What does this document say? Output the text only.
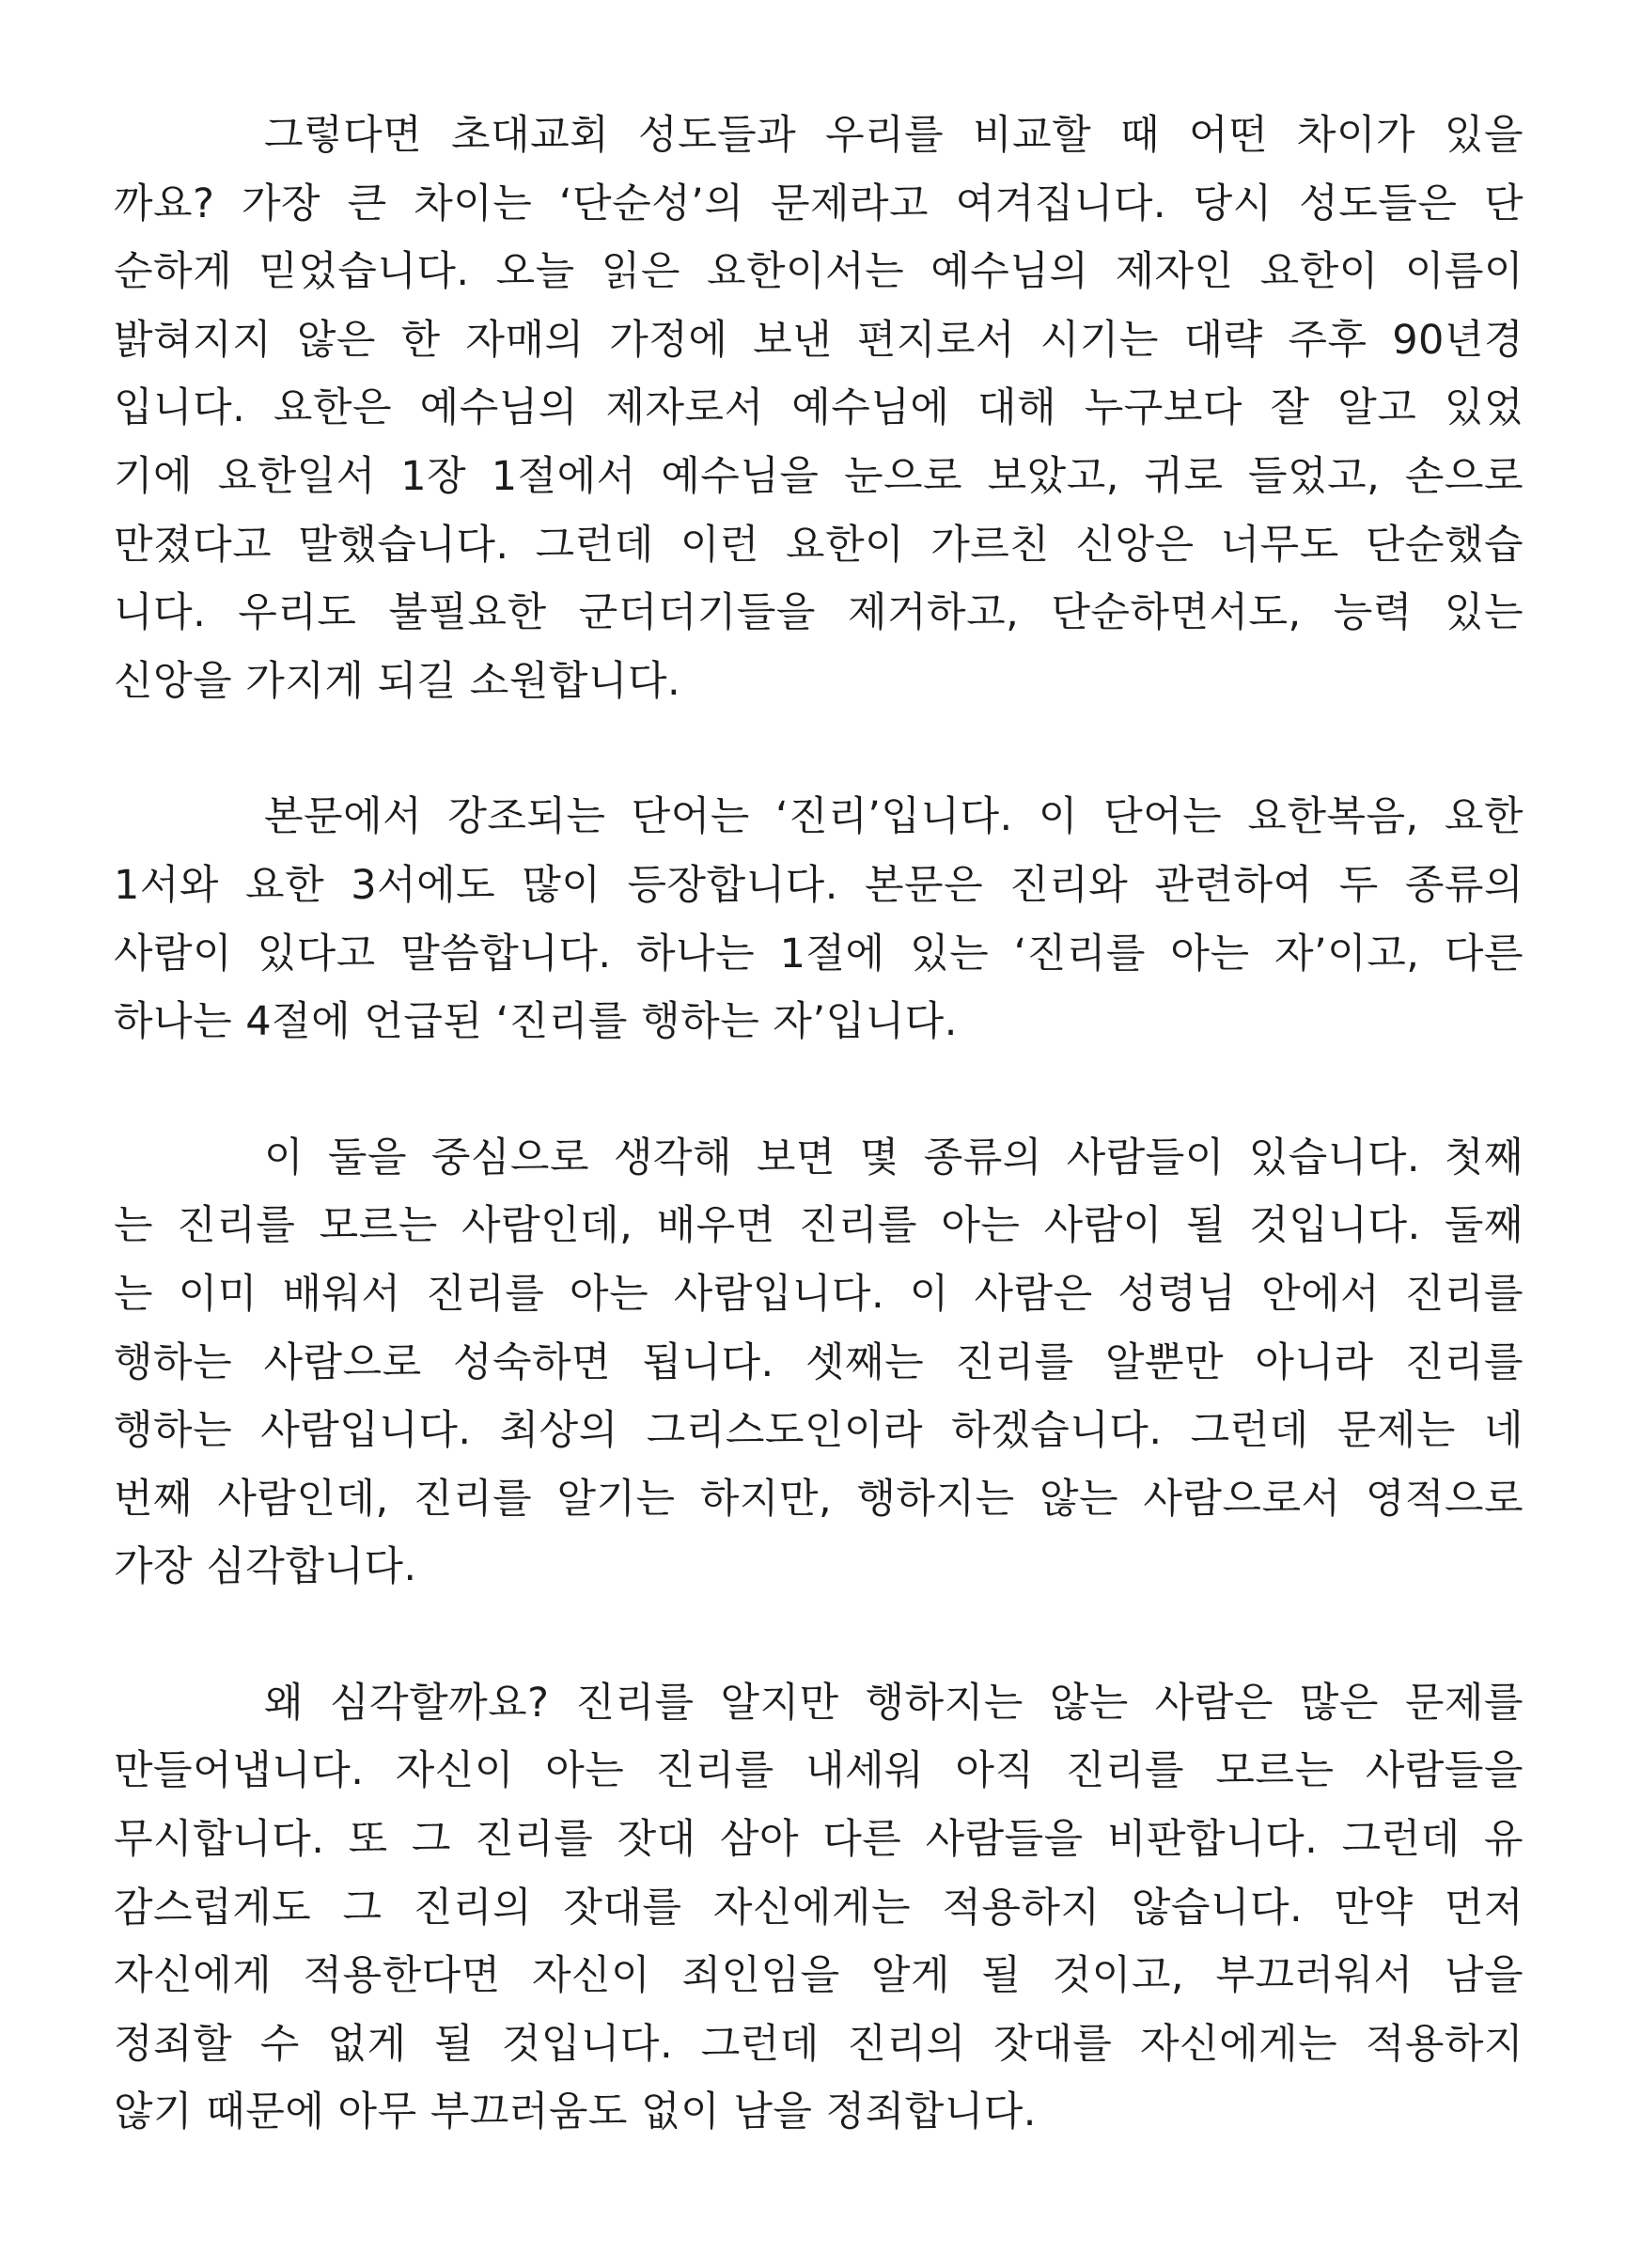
그렇다면 초대교회 성도들과 우리를 비교할 때 어떤 차이가 있을
까요? 가장 큰 차이는 ‘단순성’의 문제라고 여겨집니다. 당시 성도들은 단
순하게 믿었습니다. 오늘 읽은 요한이서는 예수님의 제자인 요한이 이름이
밝혀지지 않은 한 자매의 가정에 보낸 편지로서 시기는 대략 주후 90년경
입니다. 요한은 예수님의 제자로서 예수님에 대해 누구보다 잘 알고 있었
기에 요한일서 1장 1절에서 예수님을 눈으로 보았고, 귀로 들었고, 손으로
만졌다고 말했습니다. 그런데 이런 요한이 가르친 신앙은 너무도 단순했습
니다. 우리도 불필요한 군더더기들을 제거하고, 단순하면서도, 능력 있는
신앙을 가지게 되길 소원합니다.
본문에서 강조되는 단어는 ‘진리’입니다. 이 단어는 요한복음, 요한
1서와 요한 3서에도 많이 등장합니다. 본문은 진리와 관련하여 두 종류의
사람이 있다고 말씀합니다. 하나는 1절에 있는 ‘진리를 아는 자’이고, 다른
하나는 4절에 언급된 ‘진리를 행하는 자’입니다.
이 둘을 중심으로 생각해 보면 몇 종류의 사람들이 있습니다. 첫째
는 진리를 모르는 사람인데, 배우면 진리를 아는 사람이 될 것입니다. 둘째
는 이미 배워서 진리를 아는 사람입니다. 이 사람은 성령님 안에서 진리를
행하는 사람으로 성숙하면 됩니다. 셋째는 진리를 알뿐만 아니라 진리를
행하는 사람입니다. 최상의 그리스도인이라 하겠습니다. 그런데 문제는 네
번째 사람인데, 진리를 알기는 하지만, 행하지는 않는 사람으로서 영적으로
가장 심각합니다.
왜 심각할까요? 진리를 알지만 행하지는 않는 사람은 많은 문제를
만들어냅니다. 자신이 아는 진리를 내세워 아직 진리를 모르는 사람들을
무시합니다. 또 그 진리를 잣대 삼아 다른 사람들을 비판합니다. 그런데 유
감스럽게도 그 진리의 잣대를 자신에게는 적용하지 않습니다. 만약 먼저
자신에게 적용한다면 자신이 죄인임을 알게 될 것이고, 부끄러워서 남을
정죄할 수 없게 될 것입니다. 그런데 진리의 잣대를 자신에게는 적용하지
않기 때문에 아무 부끄러움도 없이 남을 정죄합니다.
